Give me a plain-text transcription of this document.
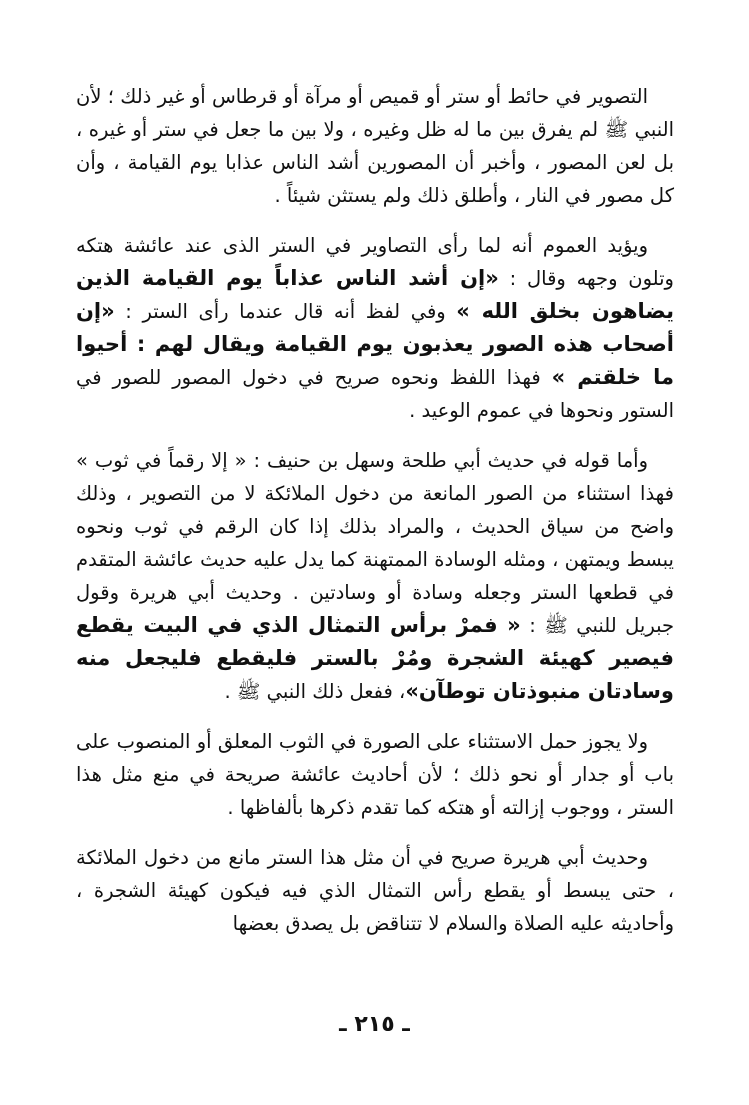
التصوير في حائط أو ستر أو قميص أو مرآة أو قرطاس أو غير ذلك ؛ لأن النبي ﷺ لم يفرق بين ما له ظل وغيره ، ولا بين ما جعل في ستر أو غيره ، بل لعن المصور ، وأخبر أن المصورين أشد الناس عذابا يوم القيامة ، وأن كل مصور في النار ، وأطلق ذلك ولم يستثن شيئاً .

ويؤيد العموم أنه لما رأى التصاوير في الستر الذى عند عائشة هتكه وتلون وجهه وقال : «إن أشد الناس عذاباً يوم القيامة الذين يضاهون بخلق الله » وفي لفظ أنه قال عندما رأى الستر : «إن أصحاب هذه الصور يعذبون يوم القيامة ويقال لهم : أحيوا ما خلقتم » فهذا اللفظ ونحوه صريح في دخول المصور للصور في الستور ونحوها في عموم الوعيد .

وأما قوله في حديث أبي طلحة وسهل بن حنيف : « إلا رقماً في ثوب » فهذا استثناء من الصور المانعة من دخول الملائكة لا من التصوير ، وذلك واضح من سياق الحديث ، والمراد بذلك إذا كان الرقم في ثوب ونحوه يبسط ويمتهن ، ومثله الوسادة الممتهنة كما يدل عليه حديث عائشة المتقدم في قطعها الستر وجعله وسادة أو وسادتين . وحديث أبي هريرة وقول جبريل للنبي ﷺ : « فمرْ برأس التمثال الذي في البيت يقطع فيصير كهيئة الشجرة ومُرْ بالستر فليقطع فليجعل منه وسادتان منبوذتان توطآن»، ففعل ذلك النبي ﷺ .

ولا يجوز حمل الاستثناء على الصورة في الثوب المعلق أو المنصوب على باب أو جدار أو نحو ذلك ؛ لأن أحاديث عائشة صريحة في منع مثل هذا الستر ، ووجوب إزالته أو هتكه كما تقدم ذكرها بألفاظها .

وحديث أبي هريرة صريح في أن مثل هذا الستر مانع من دخول الملائكة ، حتى يبسط أو يقطع رأس التمثال الذي فيه فيكون كهيئة الشجرة ، وأحاديثه عليه الصلاة والسلام لا تتناقض بل يصدق بعضها

ـ ٢١٥ ـ
